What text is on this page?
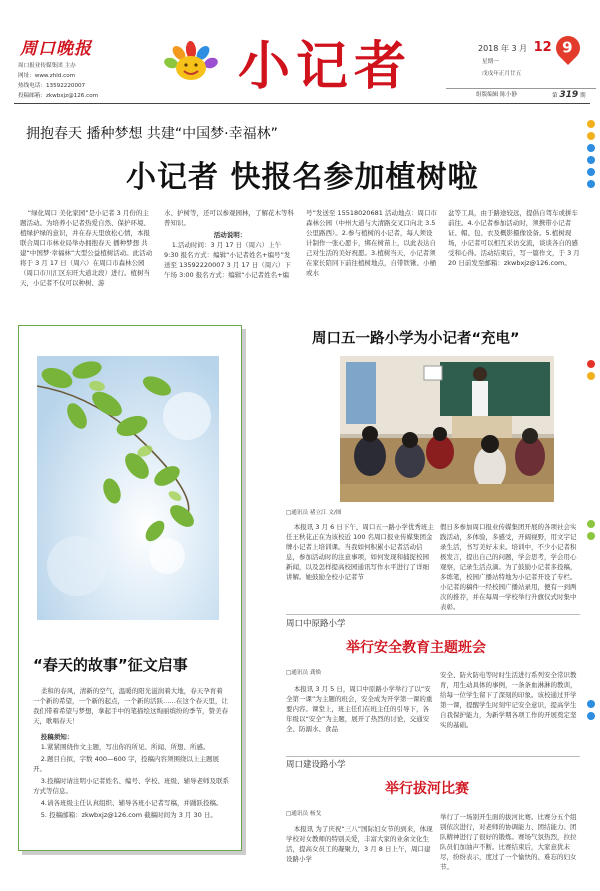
周口晚报
周口报业传媒集团 主办
网址：www.zhld.com
热线电话：13592220007
投稿邮箱：zkwbxjz@126.com	小记者	2018 年 3 月 12
星期一
戊戌年正月廿五
9
组版编辑 陈小静	第 319 期
拥抱春天 播种梦想 共建“中国梦·幸福林”
小记者 快报名参加植树啦

“绿化周口 美化家园”是小记者 3 月份的主题活动。为培养小记者热爱自然、保护环境、植绿护绿的意识，并在春天里放松心情，本报联合周口市林业局举办拥抱春天 播种梦想 共建“中国梦·幸福林”大型公益植树活动。此活动将于 3 月 17 日（周六）在周口市森林公园（周口市川汇区东旺大道北段）进行。植树当天，小记者不仅可以种树、游

水、护树等，还可以参观园林，了解花木等科普知识。

活动说明：

1.活动时间：3 月 17 日（周六）上午 9:30 报名方式：编辑“小记者姓名+编号”发送至 13592220007 3 月 17 日（周六）下午场 3:00 报名方式：编辑“小记者姓名+编

号”发送至 15518020681 活动地点：周口市森林公园（中州大道与大清路交叉口向北 3.5 公里路西）。2.参与植树的小记者，每人须设计制作一张心愿卡，绑在树苗上，以此表达自己对生活的美好祝愿。3.植树当天，小记者须在家长陪同下前往植树地点，自带铁锹、小桶或水

盆等工具，由于路途较远，提倡自驾车或拼车前往。4.小记者参加活动时，须携带小记者证、帽、包、衣及概影摄像设备。5.植树现场，小记者可以相互采访交流，谈谈各自的感受和心得。活动结束后，写一篇作文，于 3 月 20 日前发至邮箱：zkwbxjz@126.com。

“春天的故事”征文启事

柔和的春风，清新的空气，温暖的阳光滋润着大地，春天孕育着一个新的希望，一个新的起点，一个新的活跃……在这个春天里，让我们带着希望与梦想，拿起手中的笔描绘这绚丽缤纷的季节，赞美春天，歌唱春天！

投稿须知：

1.紧紧围绕作文主题，写出你的所见、所闻、所想、所感。

2.题目自拟，字数 400—600 字，投稿内容须围绕以上主题展开。

3.投稿时请注明小记者姓名、编号、学校、班级、辅导老师及联系方式等信息。

4.请各班级主任认真组织、辅导各班小记者写稿，并踊跃投稿。

5. 投稿邮箱：zkwbxjz@126.com 截稿时间为 3 月 30 日。

周口五一路小学为小记者“充电”
□通讯员 褚立江 文/图

本报讯 3 月 6 日下午，周口五一路小学优秀班主任王秋花正在为该校近 100 名周口报业传媒集团金牌小记者上培训课。当我如何积累小记者活动信息，参加活动时的注意事项，如何发现和捕捉校园新闻，以及怎样提高校园通讯写作水平进行了详细讲解。她鼓励全校小记者节

假日多参加周口报业传媒集团开展的各项社会实践活动，多体验，多感受，开阔视野，用文字记录生活，书写美好未来。培训中，不少小记者积极发言，提出自己的问题，学会思考，学会用心观察，记录生活点滴。为了鼓励小记者多投稿，多练笔，校园广播站特地为小记者开设了专栏。小记者的稿件一经校园广播站录用，便有一到两次的推荐，并在每周一学校举行升旗仪式时集中表彰。

周口中原路小学
举行安全教育主题班会
□通讯员 龚焕

本报讯 3 月 5 日，周口中原路小学举行了以“安全第一课”为主题的班会，安全成为开学第一课的重要内容。课堂上，班主任们在班主任的引导下，各年级以“安全”为主题，展开了热烈的讨论，交通安全、防溺水、食品

安全、防火防电等时时生活进行系列安全常识教育，用生动具体的事例，一条条血淋淋的教训，给每一位学生留下了深刻的印象。该校通过开学第一课，提醒学生时刻牢记安全意识，提高学生自我保护能力，为新学期各项工作的开展奠定坚实的基础。

周口建设路小学
举行拔河比赛
□通讯员 杨戈

本报讯 为了庆祝“三八”国际妇女节的到来，体现学校对女教师的特别关爱，丰富大家的业余文化生活，提高女员工的凝聚力，3 月 8 日上午，周口建设路小学

举行了一场别开生面的拔河比赛。比赛分五个组别依次进行，对老师的协调能力、团结能力、团队精神进行了很好的锻炼。赛场气氛热烈，拉拉队员们加油声不断。比赛结束后，大家意犹未尽，纷纷表示，度过了一个愉快的、难忘的妇女节。
